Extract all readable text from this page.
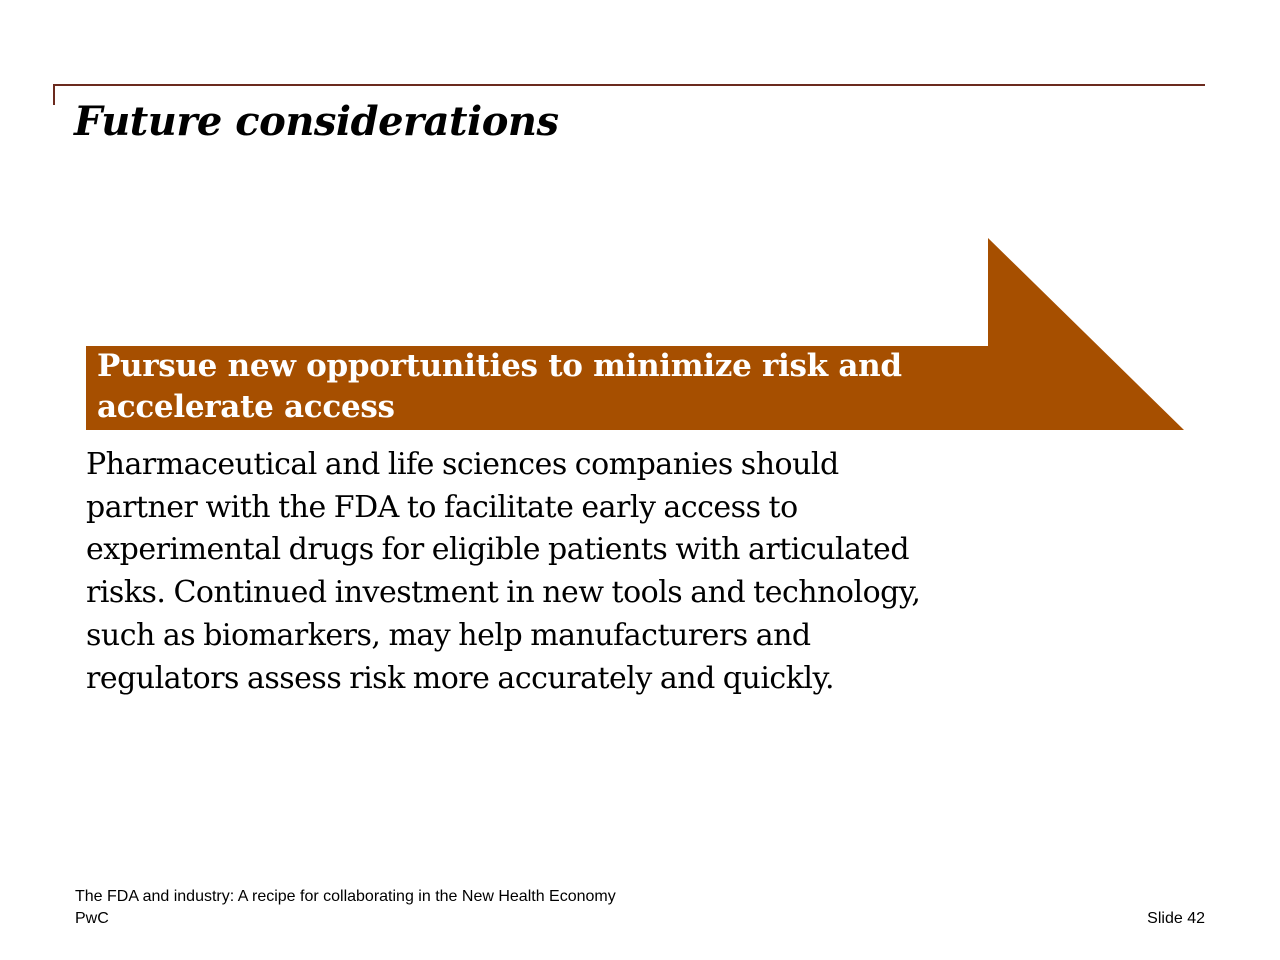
Future considerations

Pursue new opportunities to minimize risk and accelerate access

Pharmaceutical and life sciences companies should partner with the FDA to facilitate early access to experimental drugs for eligible patients with articulated risks. Continued investment in new tools and technology, such as biomarkers, may help manufacturers and regulators assess risk more accurately and quickly.

The FDA and industry: A recipe for collaborating in the New Health Economy

PwC	Slide 42
